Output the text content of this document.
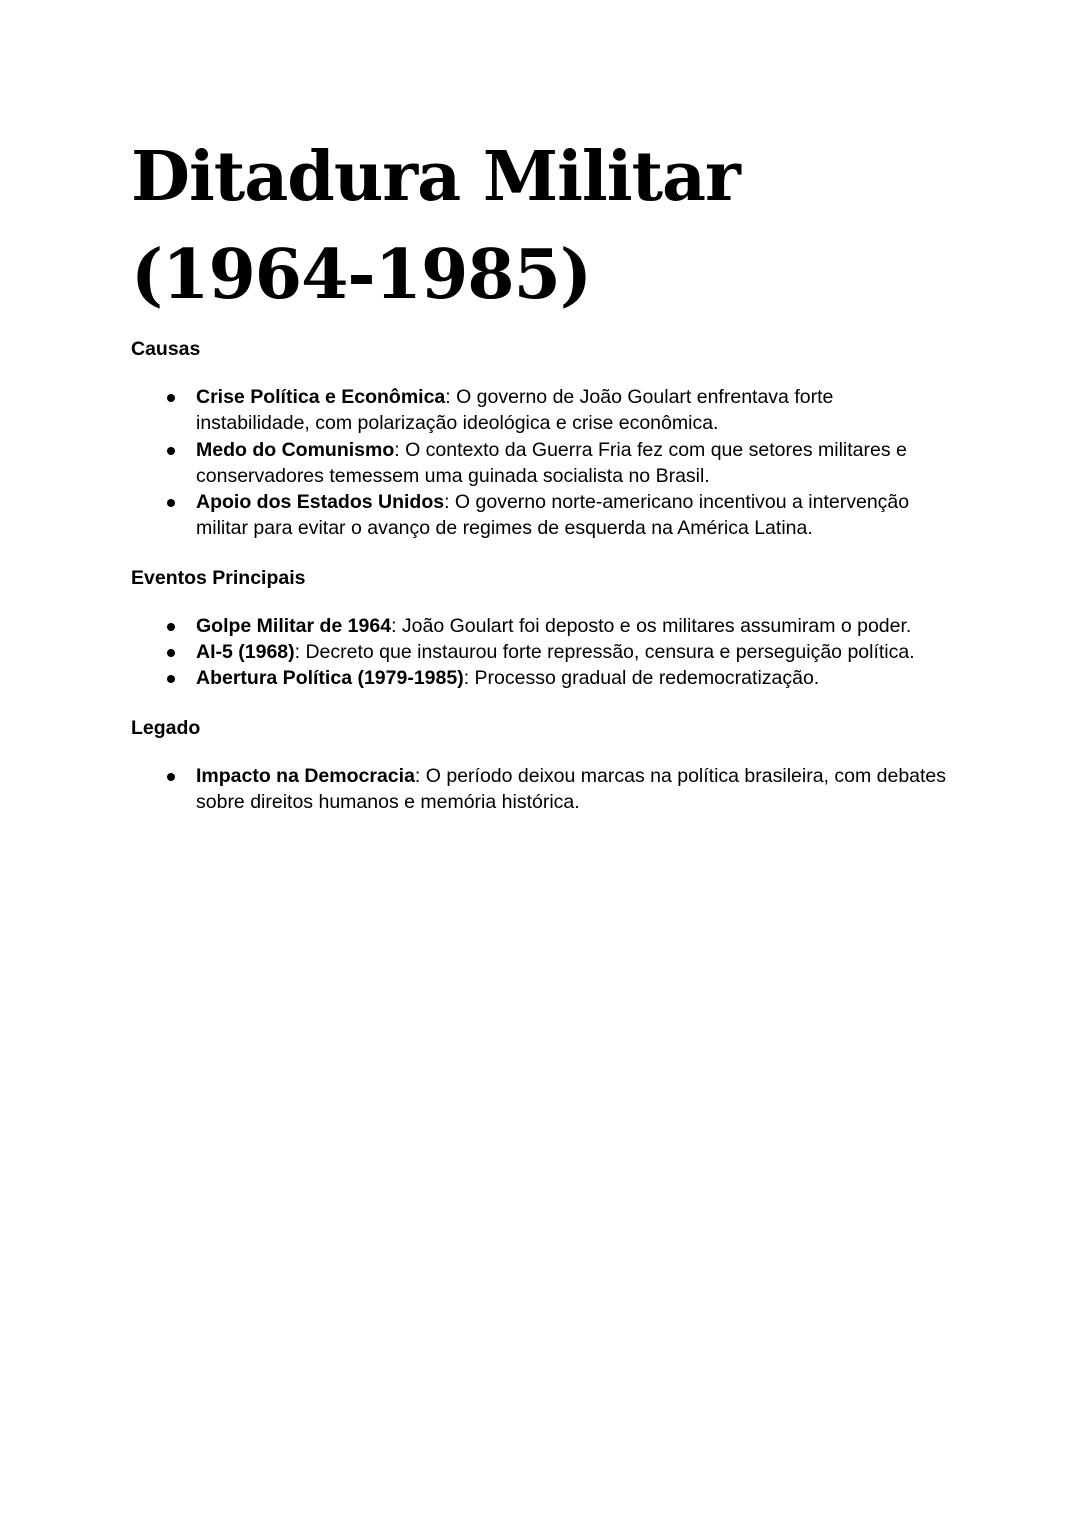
Ditadura Militar
(1964-1985)

Causas

Crise Política e Econômica: O governo de João Goulart enfrentava forte instabilidade, com polarização ideológica e crise econômica.
Medo do Comunismo: O contexto da Guerra Fria fez com que setores militares e conservadores temessem uma guinada socialista no Brasil.
Apoio dos Estados Unidos: O governo norte-americano incentivou a intervenção militar para evitar o avanço de regimes de esquerda na América Latina.

Eventos Principais

Golpe Militar de 1964: João Goulart foi deposto e os militares assumiram o poder.
AI-5 (1968): Decreto que instaurou forte repressão, censura e perseguição política.
Abertura Política (1979-1985): Processo gradual de redemocratização.

Legado

Impacto na Democracia: O período deixou marcas na política brasileira, com debates sobre direitos humanos e memória histórica.
